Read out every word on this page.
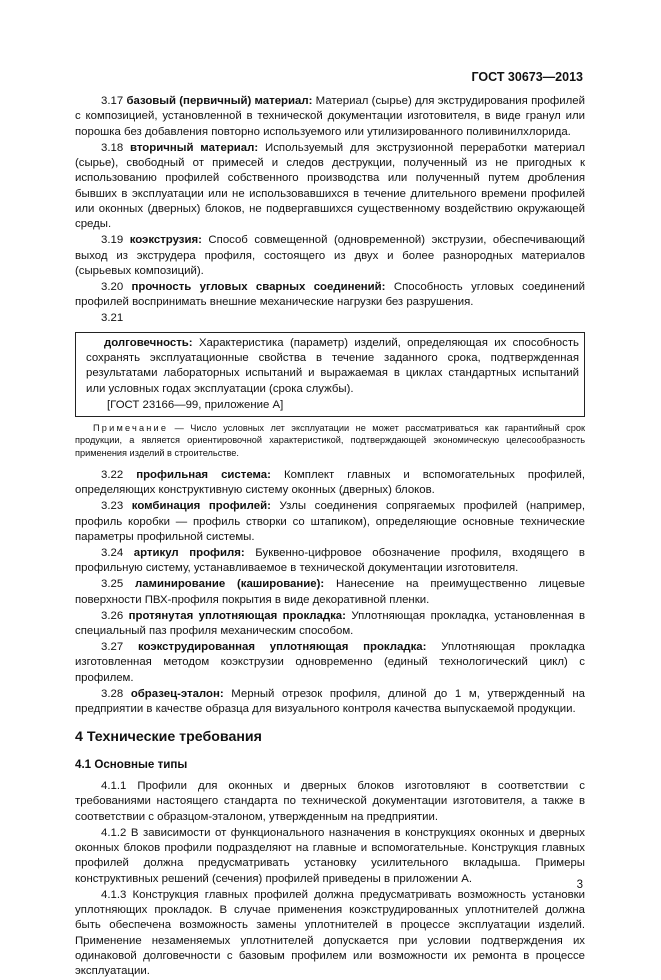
ГОСТ 30673—2013

3.17 базовый (первичный) материал: Материал (сырье) для экструдирования профилей с композицией, установленной в технической документации изготовителя, в виде гранул или порошка без добавления повторно используемого или утилизированного поливинилхлорида.

3.18 вторичный материал: Используемый для экструзионной переработки материал (сырье), свободный от примесей и следов деструкции, полученный из не пригодных к использованию профилей собственного производства или полученный путем дробления бывших в эксплуатации или не использовавшихся в течение длительного времени профилей или оконных (дверных) блоков, не подвергавшихся существенному воздействию окружающей среды.

3.19 коэкструзия: Способ совмещенной (одновременной) экструзии, обеспечивающий выход из экструдера профиля, состоящего из двух и более разнородных материалов (сырьевых композиций).

3.20 прочность угловых сварных соединений: Способность угловых соединений профилей воспринимать внешние механические нагрузки без разрушения.

3.21

долговечность: Характеристика (параметр) изделий, определяющая их способность сохранять эксплуатационные свойства в течение заданного срока, подтвержденная результатами лабораторных испытаний и выражаемая в циклах стандартных испытаний или условных годах эксплуатации (срока службы).

[ГОСТ 23166—99, приложение А]

Примечание — Число условных лет эксплуатации не может рассматриваться как гарантийный срок продукции, а является ориентировочной характеристикой, подтверждающей экономическую целесообразность применения изделий в строительстве.

3.22 профильная система: Комплект главных и вспомогательных профилей, определяющих конструктивную систему оконных (дверных) блоков.

3.23 комбинация профилей: Узлы соединения сопрягаемых профилей (например, профиль коробки — профиль створки со штапиком), определяющие основные технические параметры профильной системы.

3.24 артикул профиля: Буквенно-цифровое обозначение профиля, входящего в профильную систему, устанавливаемое в технической документации изготовителя.

3.25 ламинирование (каширование): Нанесение на преимущественно лицевые поверхности ПВХ-профиля покрытия в виде декоративной пленки.

3.26 протянутая уплотняющая прокладка: Уплотняющая прокладка, установленная в специальный паз профиля механическим способом.

3.27 коэкструдированная уплотняющая прокладка: Уплотняющая прокладка изготовленная методом коэкструзии одновременно (единый технологический цикл) с профилем.

3.28 образец-эталон: Мерный отрезок профиля, длиной до 1 м, утвержденный на предприятии в качестве образца для визуального контроля качества выпускаемой продукции.

4 Технические требования
4.1 Основные типы

4.1.1 Профили для оконных и дверных блоков изготовляют в соответствии с требованиями настоящего стандарта по технической документации изготовителя, а также в соответствии с образцом-эталоном, утвержденным на предприятии.

4.1.2 В зависимости от функционального назначения в конструкциях оконных и дверных оконных блоков профили подразделяют на главные и вспомогательные. Конструкция главных профилей должна предусматривать установку усилительного вкладыша. Примеры конструктивных решений (сечения) профилей приведены в приложении А.

4.1.3 Конструкция главных профилей должна предусматривать возможность установки уплотняющих прокладок. В случае применения коэкструдированных уплотнителей должна быть обеспечена возможность замены уплотнителей в процессе эксплуатации изделий. Применение незаменяемых уплотнителей допускается при условии подтверждения их одинаковой долговечности с базовым профилем или возможности их ремонта в процессе эксплуатации.

3
